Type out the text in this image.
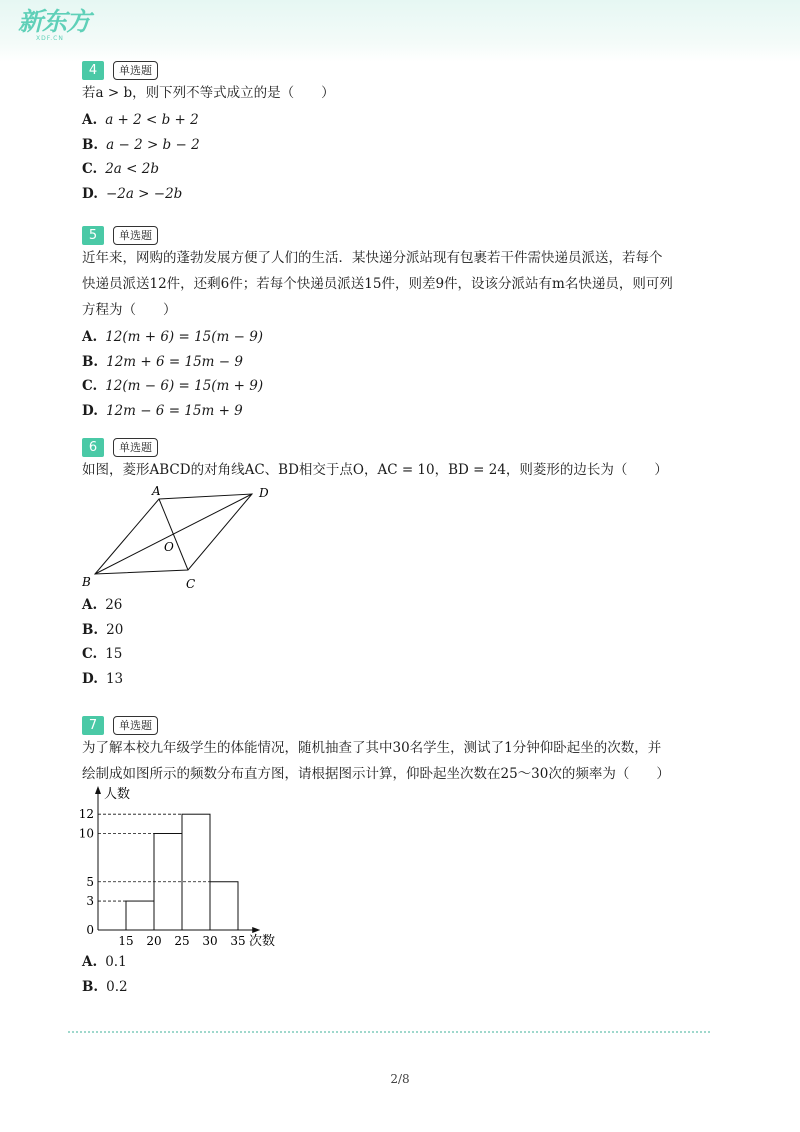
新东方
XDF.CN
4	单选题
若a > b，则下列不等式成立的是（　　）
A. a + 2 < b + 2
B. a − 2 > b − 2
C. 2a < 2b
D. −2a > −2b
5	单选题
近年来，网购的蓬勃发展方便了人们的生活．某快递分派站现有包裹若干件需快递员派送，若每个
快递员派送12件，还剩6件；若每个快递员派送15件，则差9件，设该分派站有m名快递员，则可列
方程为（　　）
A. 12(m + 6) = 15(m − 9)
B. 12m + 6 = 15m − 9
C. 12(m − 6) = 15(m + 9)
D. 12m − 6 = 15m + 9
6	单选题
如图，菱形ABCD的对角线AC、BD相交于点O，AC = 10，BD = 24，则菱形的边长为（　　）
A	D
B	C
O
A. 26
B. 20
C. 15
D. 13
7	单选题
为了解本校九年级学生的体能情况，随机抽查了其中30名学生，测试了1分钟仰卧起坐的次数，并
绘制成如图所示的频数分布直方图，请根据图示计算，仰卧起坐次数在25～30次的频率为（　　）
0
3
5
10
12
15 20 25 30 35
人数
次数
A. 0.1
B. 0.2
2/8
